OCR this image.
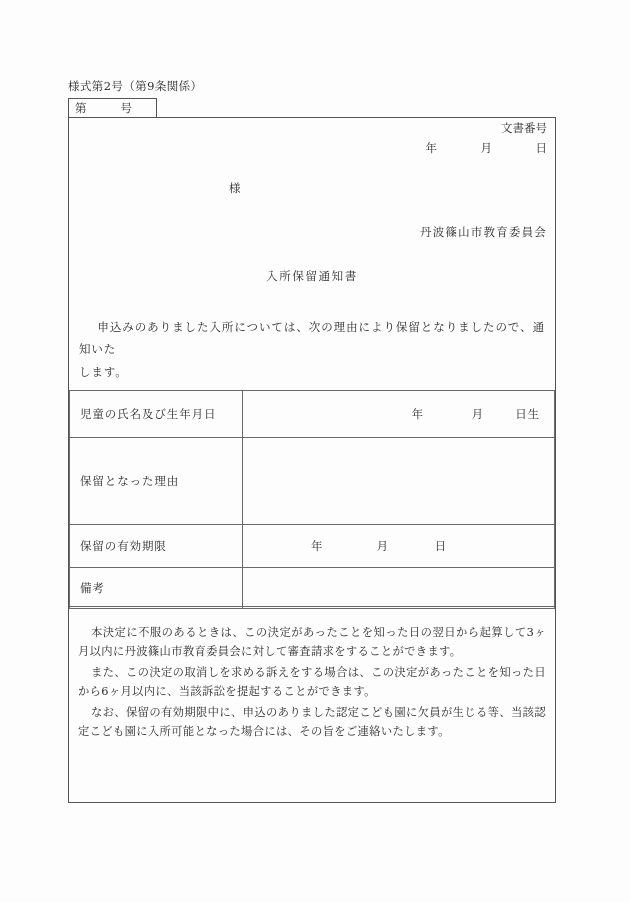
様式第2号（第9条関係）
第	号
文書番号
年	月	日
様
丹波篠山市教育委員会
入所保留通知書
申込みのありました入所については、次の理由により保留となりましたので、通知いた
します。
児童の氏名及び生年月日	年 月 日生

保留となった理由	
保留の有効期限	年 月 日

備考	

本決定に不服のあるときは、この決定があったことを知った日の翌日から起算して3ヶ月以内に丹波篠山市教育委員会に対して審査請求をすることができます。

また、この決定の取消しを求める訴えをする場合は、この決定があったことを知った日から6ヶ月以内に、当該訴訟を提起することができます。

なお、保留の有効期限中に、申込のありました認定こども園に欠員が生じる等、当該認定こども園に入所可能となった場合には、その旨をご連絡いたします。
